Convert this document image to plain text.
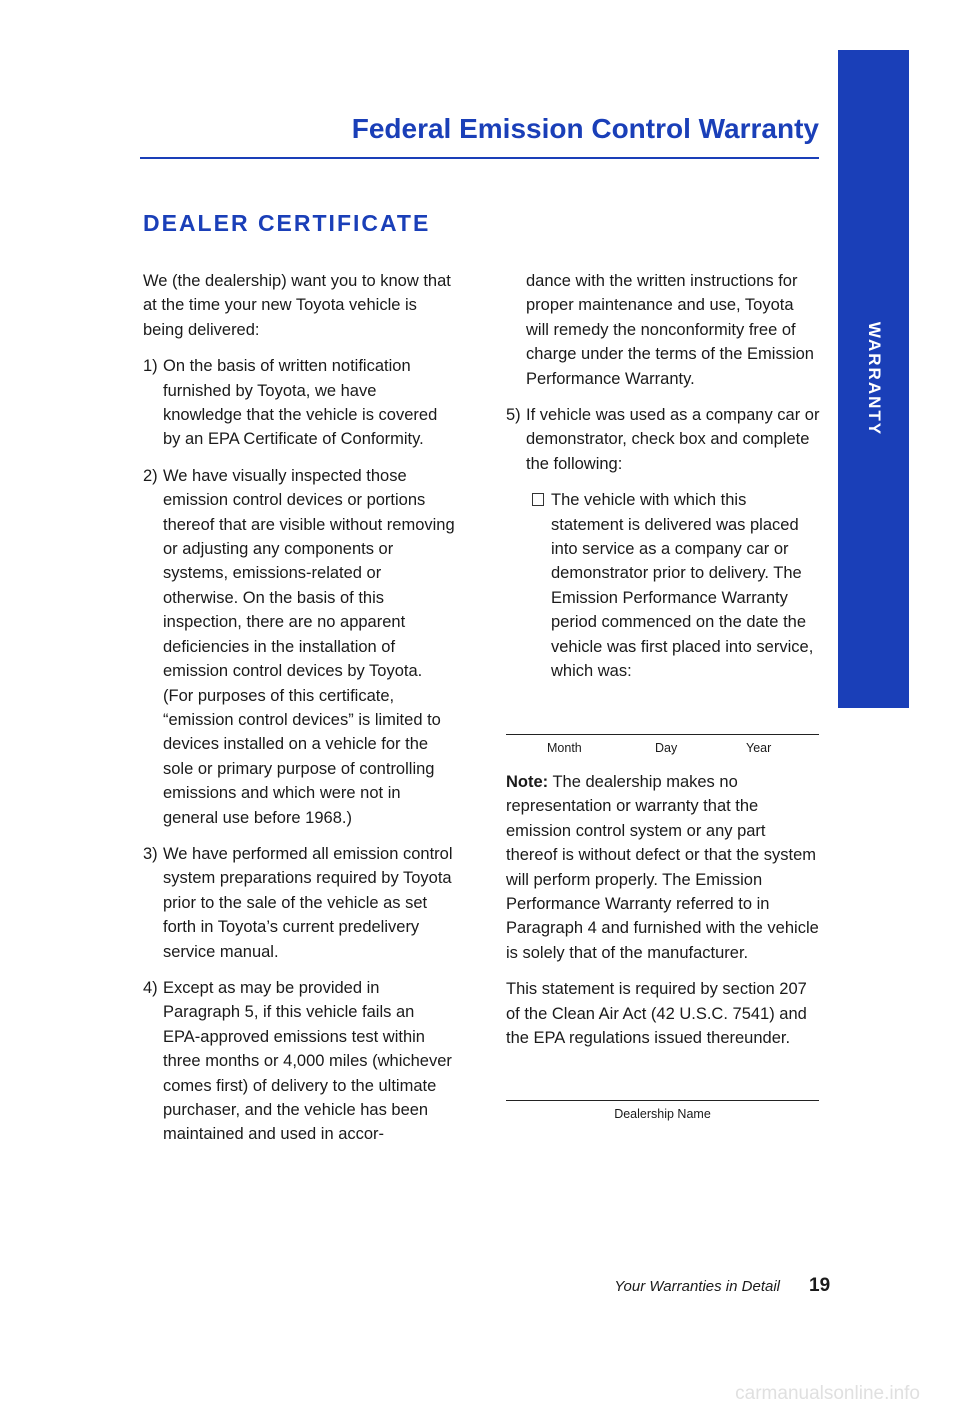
WARRANTY
Federal Emission Control Warranty
DEALER CERTIFICATE

We (the dealership) want you to know that at the time your new Toyota vehicle is being delivered:

1) On the basis of written notification furnished by Toyota, we have knowledge that the vehicle is covered by an EPA Certificate of Conformity.
2) We have visually inspected those emission control devices or portions thereof that are visible without removing or adjusting any components or systems, emissions-related or otherwise. On the basis of this inspection, there are no apparent deficiencies in the installation of emission control devices by Toyota. (For purposes of this certificate, “emission control devices” is limited to devices installed on a vehicle for the sole or primary purpose of controlling emissions and which were not in general use before 1968.)
3) We have performed all emission control system preparations required by Toyota prior to the sale of the vehicle as set forth in Toyota’s current predelivery service manual.
4) Except as may be provided in Paragraph 5, if this vehicle fails an EPA-approved emissions test within three months or 4,000 miles (whichever comes first) of delivery to the ultimate purchaser, and the vehicle has been maintained and used in accor-
dance with the written instructions for proper maintenance and use, Toyota will remedy the nonconformity free of charge under the terms of the Emission Performance Warranty.
5) If vehicle was used as a company car or demonstrator, check box and complete the following:
The vehicle with which this statement is delivered was placed into service as a company car or demonstrator prior to delivery. The Emission Performance Warranty period commenced on the date the vehicle was first placed into service, which was:
Month	Day	Year

Note: The dealership makes no representation or warranty that the emission control system or any part thereof is without defect or that the system will perform properly. The Emission Performance Warranty referred to in Paragraph 4 and furnished with the vehicle is solely that of the manufacturer.

This statement is required by section 207 of the Clean Air Act (42 U.S.C. 7541) and the EPA regulations issued thereunder.

Dealership Name
Your Warranties in Detail 19
carmanualsonline.info
